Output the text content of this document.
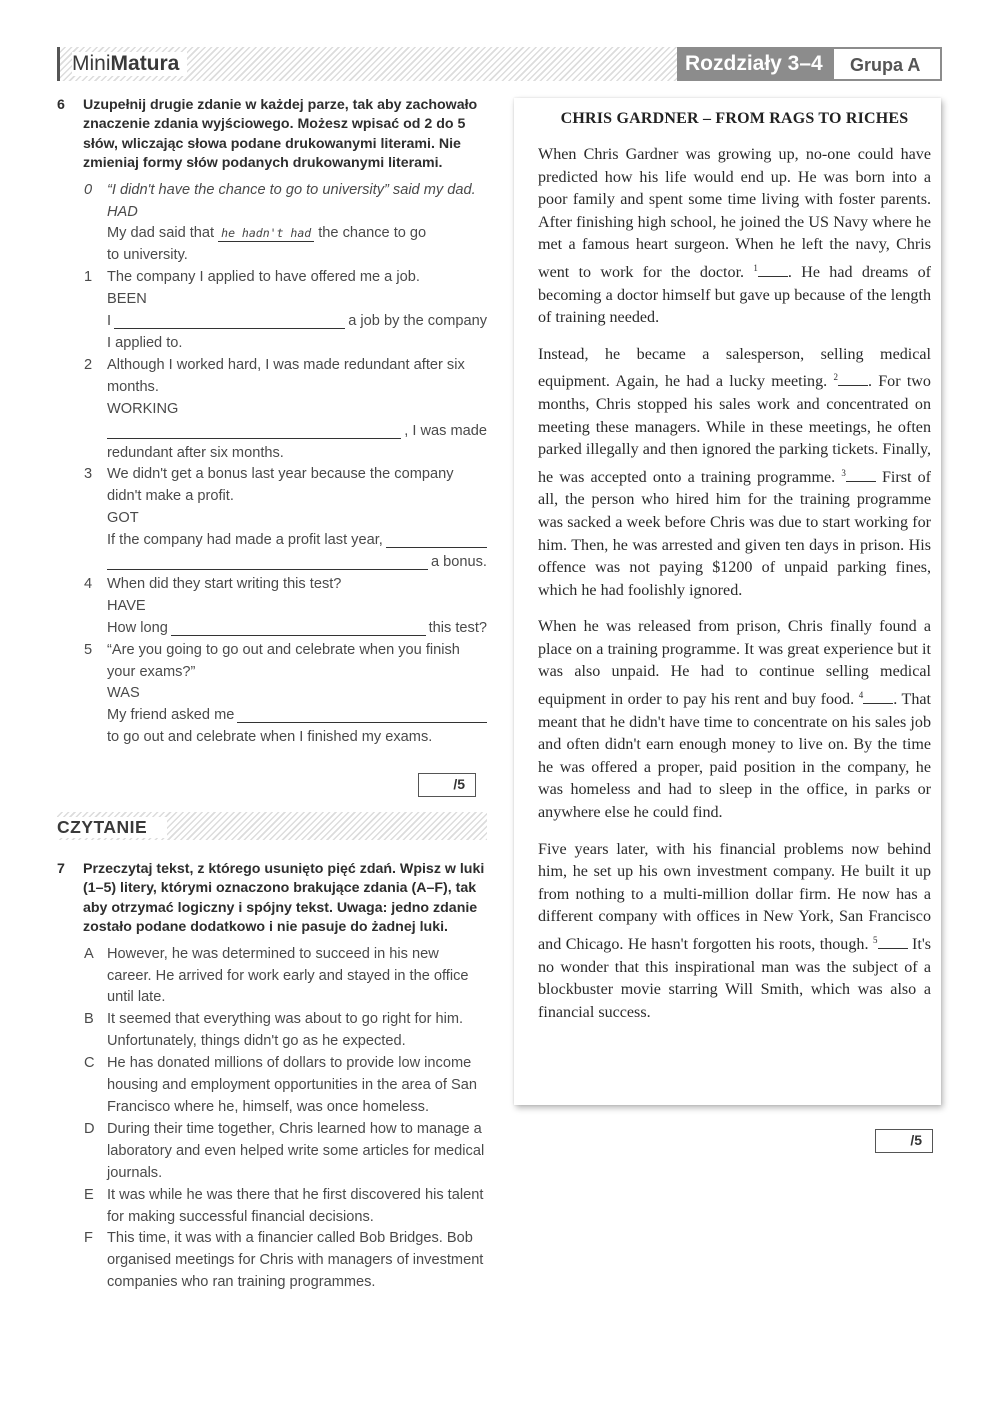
MiniMatura	Rozdziały 3–4	Grupa A
6 Uzupełnij drugie zdanie w każdej parze, tak aby zachowało znaczenie zdania wyjściowego. Możesz wpisać od 2 do 5 słów, wliczając słowa podane drukowanymi literami. Nie zmieniaj formy słów podanych drukowanymi literami.
0 “I didn't have the chance to go to university” said my dad.
HAD
My dad said that he hadn't had the chance to go
to university.
1 The company I applied to have offered me a job.
BEEN
I	a job by the company
I applied to.
2 Although I worked hard, I was made redundant after six months.
WORKING
, I was made
redundant after six months.
3 We didn't get a bonus last year because the company didn't make a profit.
GOT
If the company had made a profit last year,
a bonus.
4 When did they start writing this test?
HAVE
How long	this test?
5 “Are you going to go out and celebrate when you finish your exams?”
WAS
My friend asked me
to go out and celebrate when I finished my exams.
/5
CZYTANIE
7 Przeczytaj tekst, z którego usunięto pięć zdań. Wpisz w luki (1–5) litery, którymi oznaczono brakujące zdania (A–F), tak aby otrzymać logiczny i spójny tekst. Uwaga: jedno zdanie zostało podane dodatkowo i nie pasuje do żadnej luki.
A However, he was determined to succeed in his new career. He arrived for work early and stayed in the office until late.
B It seemed that everything was about to go right for him. Unfortunately, things didn't go as he expected.
C He has donated millions of dollars to provide low income housing and employment opportunities in the area of San Francisco where he, himself, was once homeless.
D During their time together, Chris learned how to manage a laboratory and even helped write some articles for medical journals.
E It was while he was there that he first discovered his talent for making successful financial decisions.
F This time, it was with a financier called Bob Bridges. Bob organised meetings for Chris with managers of investment companies who ran training programmes.
CHRIS GARDNER – FROM RAGS TO RICHES

When Chris Gardner was growing up, no-one could have predicted how his life would end up. He was born into a poor family and spent some time living with foster parents. After finishing high school, he joined the US Navy where he met a famous heart surgeon. When he left the navy, Chris went to work for the doctor. $^1$ . He had dreams of becoming a doctor himself but gave up because of the length of training needed.

Instead, he became a salesperson, selling medical equipment. Again, he had a lucky meeting. $^2$ . For two months, Chris stopped his sales work and concentrated on meeting these managers. While in these meetings, he often parked illegally and then ignored the parking tickets. Finally, he was accepted onto a training programme. $^3$ First of all, the person who hired him for the training programme was sacked a week before Chris was due to start working for him. Then, he was arrested and given ten days in prison. His offence was not paying $1200 of unpaid parking fines, which he had foolishly ignored.

When he was released from prison, Chris finally found a place on a training programme. It was great experience but it was also unpaid. He had to continue selling medical equipment in order to pay his rent and buy food. $^4$ . That meant that he didn't have time to concentrate on his sales job and often didn't earn enough money to live on. By the time he was offered a proper, paid position in the company, he was homeless and had to sleep in the office, in parks or anywhere else he could find.

Five years later, with his financial problems now behind him, he set up his own investment company. He built it up from nothing to a multi-million dollar firm. He now has a different company with offices in New York, San Francisco and Chicago. He hasn't forgotten his roots, though. $^5$ It's no wonder that this inspirational man was the subject of a blockbuster movie starring Will Smith, which was also a financial success.

/5
